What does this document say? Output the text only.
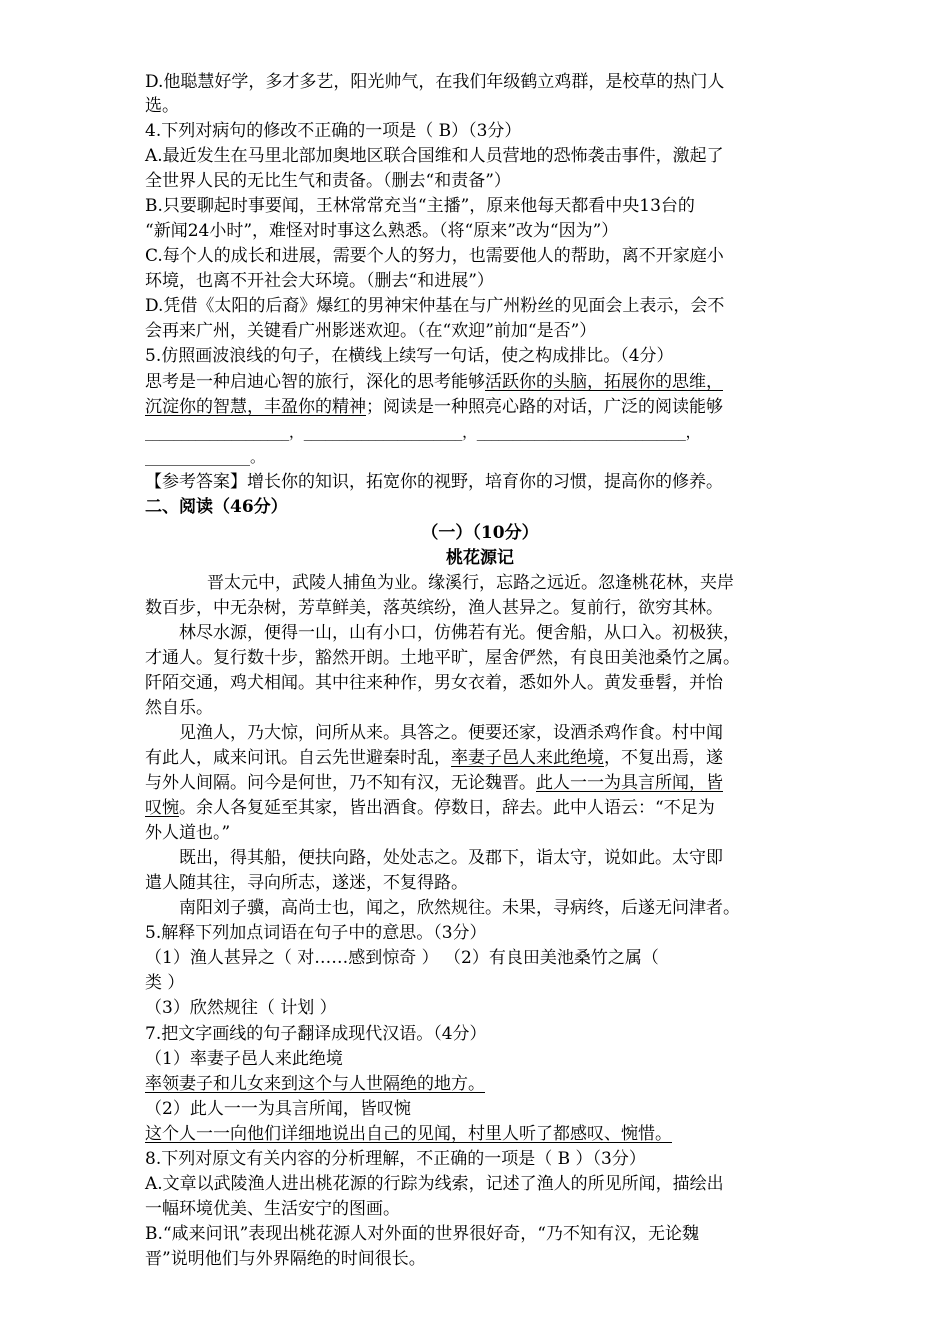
D.他聪慧好学，多才多艺，阳光帅气，在我们年级鹤立鸡群，是校草的热门人
选。
4.下列对病句的修改不正确的一项是（ B）（3分）
A.最近发生在马里北部加奥地区联合国维和人员营地的恐怖袭击事件，激起了
全世界人民的无比生气和责备。（删去“和责备”）
B.只要聊起时事要闻，王林常常充当“主播”，原来他每天都看中央13台的
“新闻24小时”，难怪对时事这么熟悉。（将“原来”改为“因为”）
C.每个人的成长和进展，需要个人的努力，也需要他人的帮助，离不开家庭小
环境，也离不开社会大环境。（删去“和进展”）
D.凭借《太阳的后裔》爆红的男神宋仲基在与广州粉丝的见面会上表示，会不
会再来广州，关键看广州影迷欢迎。（在“欢迎”前加“是否”）
5.仿照画波浪线的句子，在横线上续写一句话，使之构成排比。（4分）
思考是一种启迪心智的旅行，深化的思考能够活跃你的头脑，拓展你的思维，
沉淀你的智慧，丰盈你的精神；阅读是一种照亮心路的对话，广泛的阅读能够
____________________，______________________，_____________________________，
______________。
【参考答案】增长你的知识，拓宽你的视野，培育你的习惯，提高你的修养。
二、阅读（46分）
（一）（10分）
桃花源记
晋太元中，武陵人捕鱼为业。缘溪行，忘路之远近。忽逢桃花林，夹岸
数百步，中无杂树，芳草鲜美，落英缤纷，渔人甚异之。复前行，欲穷其林。
林尽水源，便得一山，山有小口，仿佛若有光。便舍船，从口入。初极狭，
才通人。复行数十步，豁然开朗。土地平旷，屋舍俨然，有良田美池桑竹之属。
阡陌交通，鸡犬相闻。其中往来种作，男女衣着，悉如外人。黄发垂髫，并怡
然自乐。
见渔人，乃大惊，问所从来。具答之。便要还家，设酒杀鸡作食。村中闻
有此人，咸来问讯。自云先世避秦时乱，率妻子邑人来此绝境，不复出焉，遂
与外人间隔。问今是何世，乃不知有汉，无论魏晋。此人一一为具言所闻，皆
叹惋。余人各复延至其家，皆出酒食。停数日，辞去。此中人语云：“不足为
外人道也。”
既出，得其船，便扶向路，处处志之。及郡下，诣太守，说如此。太守即
遣人随其往，寻向所志，遂迷，不复得路。
南阳刘子骥，高尚士也，闻之，欣然规往。未果，寻病终，后遂无问津者。
5.解释下列加点词语在句子中的意思。（3分）
（1）渔人甚异之（ 对……感到惊奇 ） （2）有良田美池桑竹之属（
类 ）
（3）欣然规往（ 计划 ）
7.把文字画线的句子翻译成现代汉语。（4分）
（1）率妻子邑人来此绝境
率领妻子和儿女来到这个与人世隔绝的地方。
（2）此人一一为具言所闻，皆叹惋
这个人一一向他们详细地说出自己的见闻，村里人听了都感叹、惋惜。
8.下列对原文有关内容的分析理解，不正确的一项是（ B ）（3分）
A.文章以武陵渔人进出桃花源的行踪为线索，记述了渔人的所见所闻，描绘出
一幅环境优美、生活安宁的图画。
B.“咸来问讯”表现出桃花源人对外面的世界很好奇，“乃不知有汉，无论魏
晋”说明他们与外界隔绝的时间很长。
